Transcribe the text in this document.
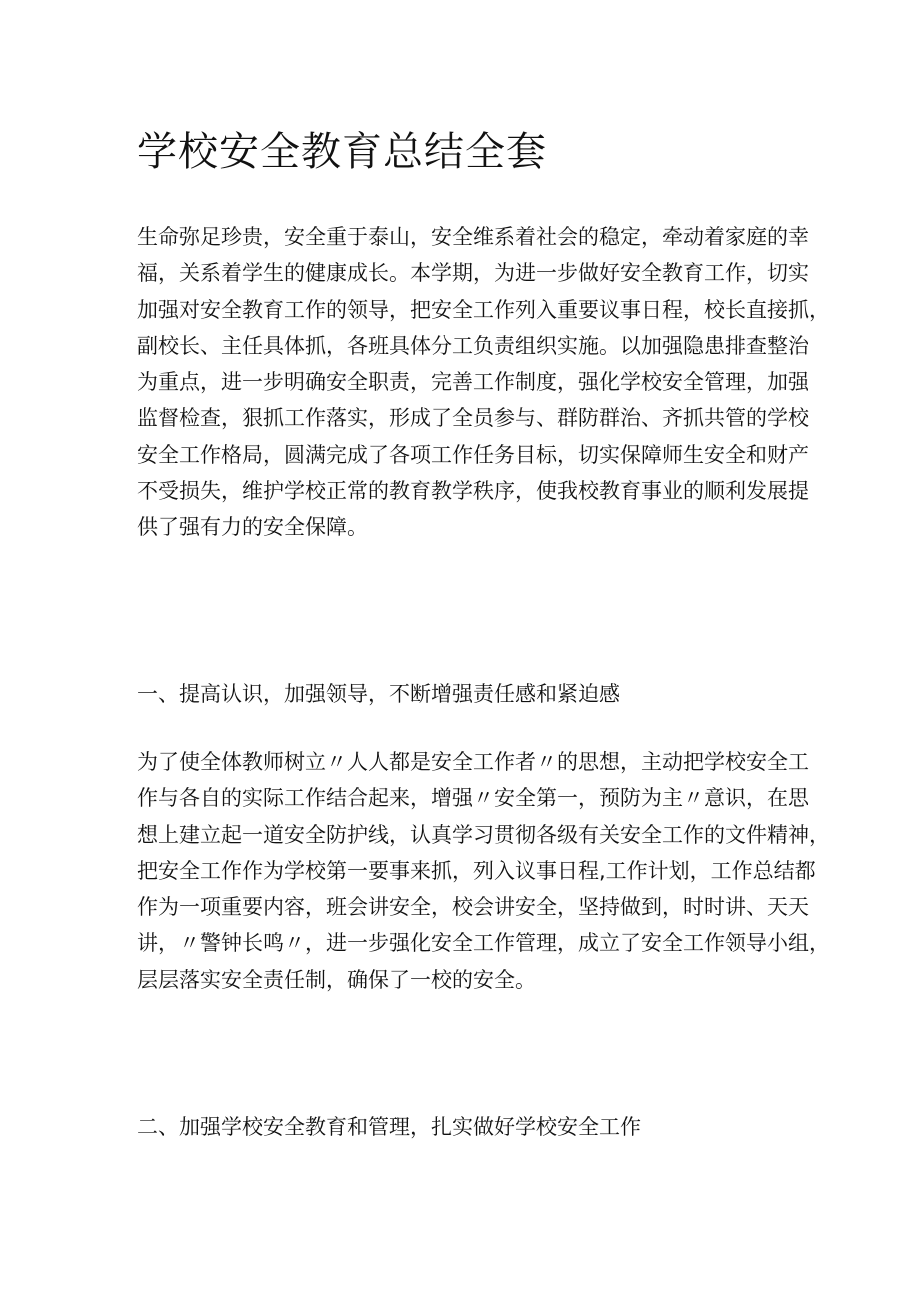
学校安全教育总结全套
生命弥足珍贵，安全重于泰山，安全维系着社会的稳定，牵动着家庭的幸
福，关系着学生的健康成长。本学期，为进一步做好安全教育工作，切实
加强对安全教育工作的领导，把安全工作列入重要议事日程，校长直接抓，
副校长、主任具体抓，各班具体分工负责组织实施。以加强隐患排查整治
为重点，进一步明确安全职责，完善工作制度，强化学校安全管理，加强
监督检查，狠抓工作落实，形成了全员参与、群防群治、齐抓共管的学校
安全工作格局，圆满完成了各项工作任务目标，切实保障师生安全和财产
不受损失，维护学校正常的教育教学秩序，使我校教育事业的顺利发展提
供了强有力的安全保障。
一、提高认识，加强领导，不断增强责任感和紧迫感
为了使全体教师树立〃人人都是安全工作者〃的思想，主动把学校安全工
作与各自的实际工作结合起来，增强〃安全第一，预防为主〃意识，在思
想上建立起一道安全防护线，认真学习贯彻各级有关安全工作的文件精神，
把安全工作作为学校第一要事来抓，列入议事日程,工作计划，工作总结都
作为一项重要内容，班会讲安全，校会讲安全，坚持做到，时时讲、天天
讲，〃警钟长鸣〃，进一步强化安全工作管理，成立了安全工作领导小组，
层层落实安全责任制，确保了一校的安全。
二、加强学校安全教育和管理，扎实做好学校安全工作
